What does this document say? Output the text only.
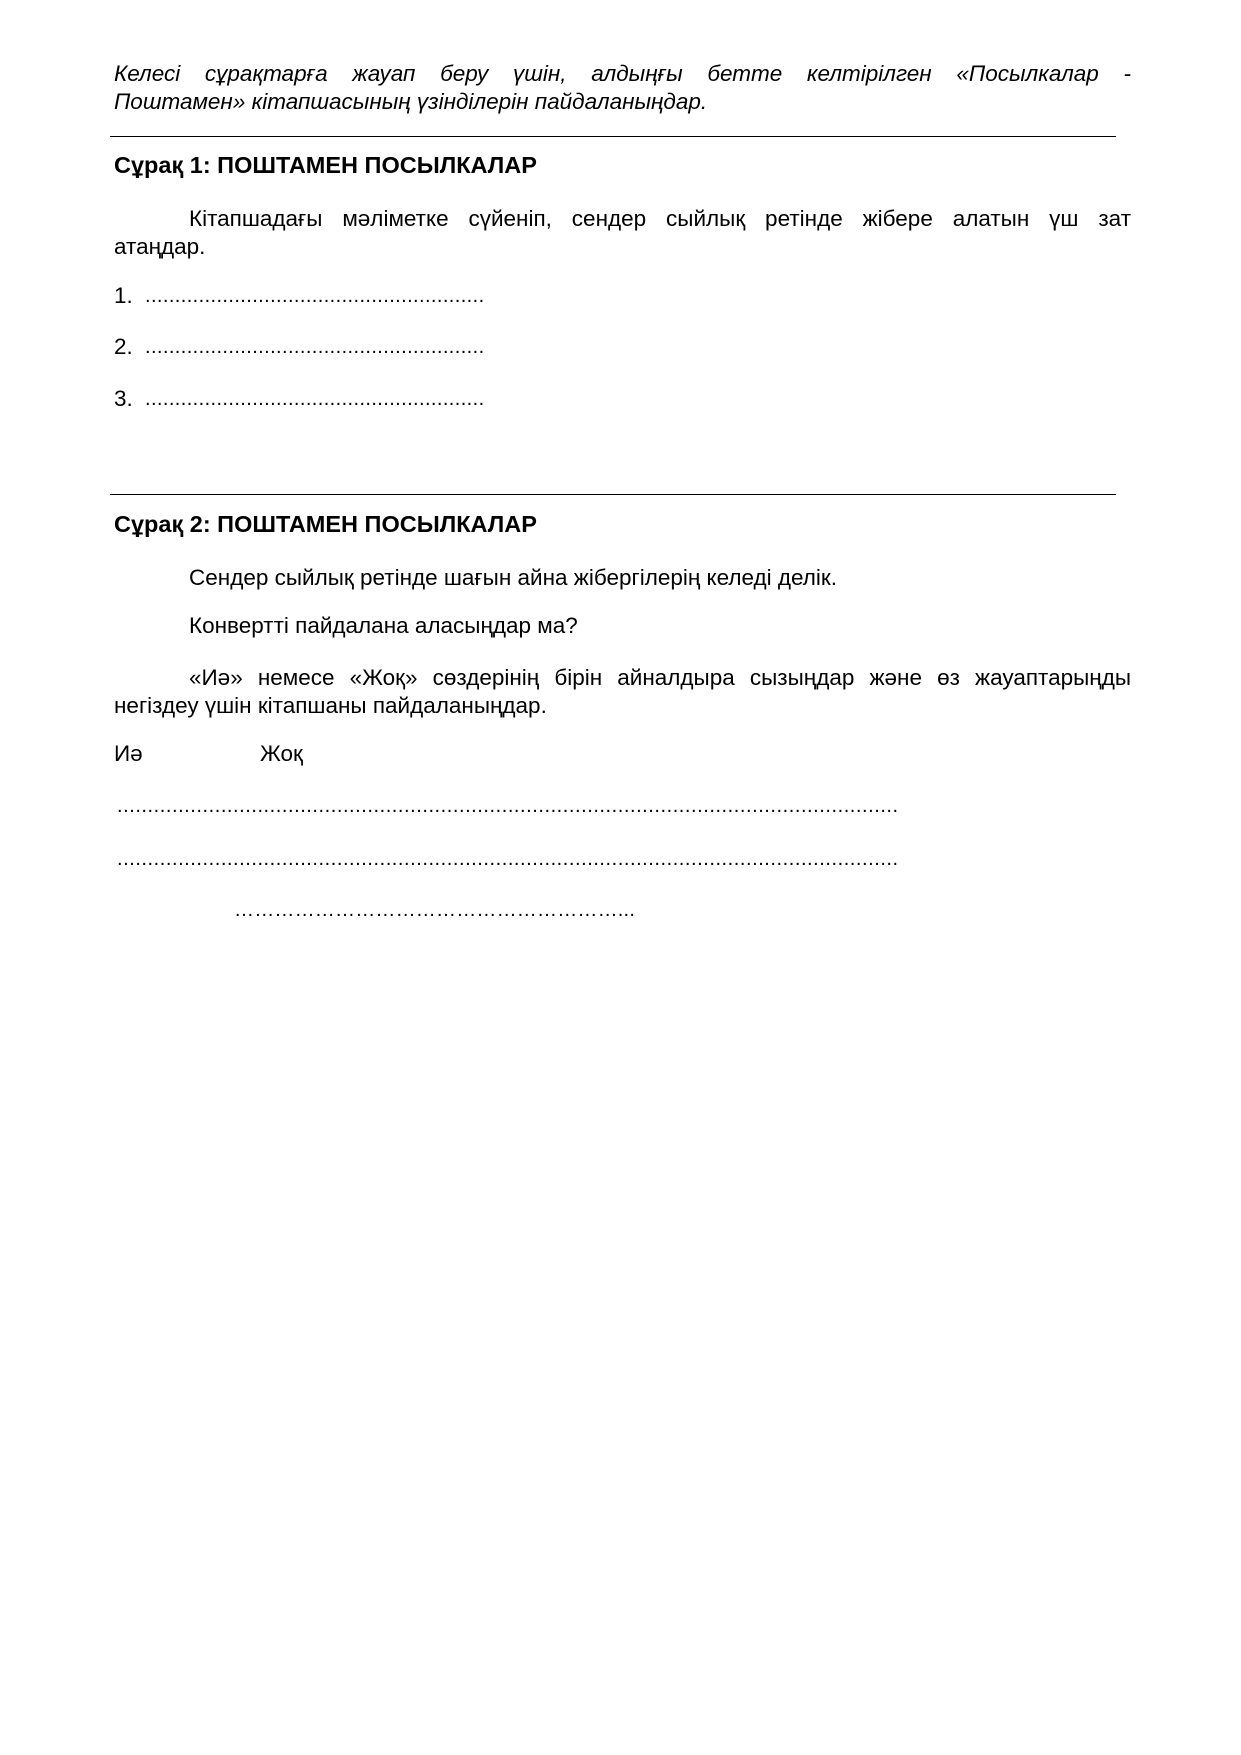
Келесі сұрақтарға жауап беру үшін, алдыңғы бетте келтірілген «Посылкалар -
Поштамен» кітапшасының үзінділерін пайдаланыңдар.
Сұрақ 1: ПОШТАМЕН ПОСЫЛКАЛАР
Кітапшадағы мәліметке сүйеніп, сендер сыйлық ретінде жібере алатын үш зат
атаңдар.
1. .........................................................
2. .........................................................
3. .........................................................
Сұрақ 2: ПОШТАМЕН ПОСЫЛКАЛАР
Сендер сыйлық ретінде шағын айна жібергілерің келеді делік.
Конвертті пайдалана аласыңдар ма?
«Иә» немесе «Жоқ» сөздерінің бірін айналдыра сызыңдар және өз жауаптарыңды
негіздеу үшін кітапшаны пайдаланыңдар.
Иә	Жоқ
................................................................................................................................
................................................................................................................................
…………………………………………………...
